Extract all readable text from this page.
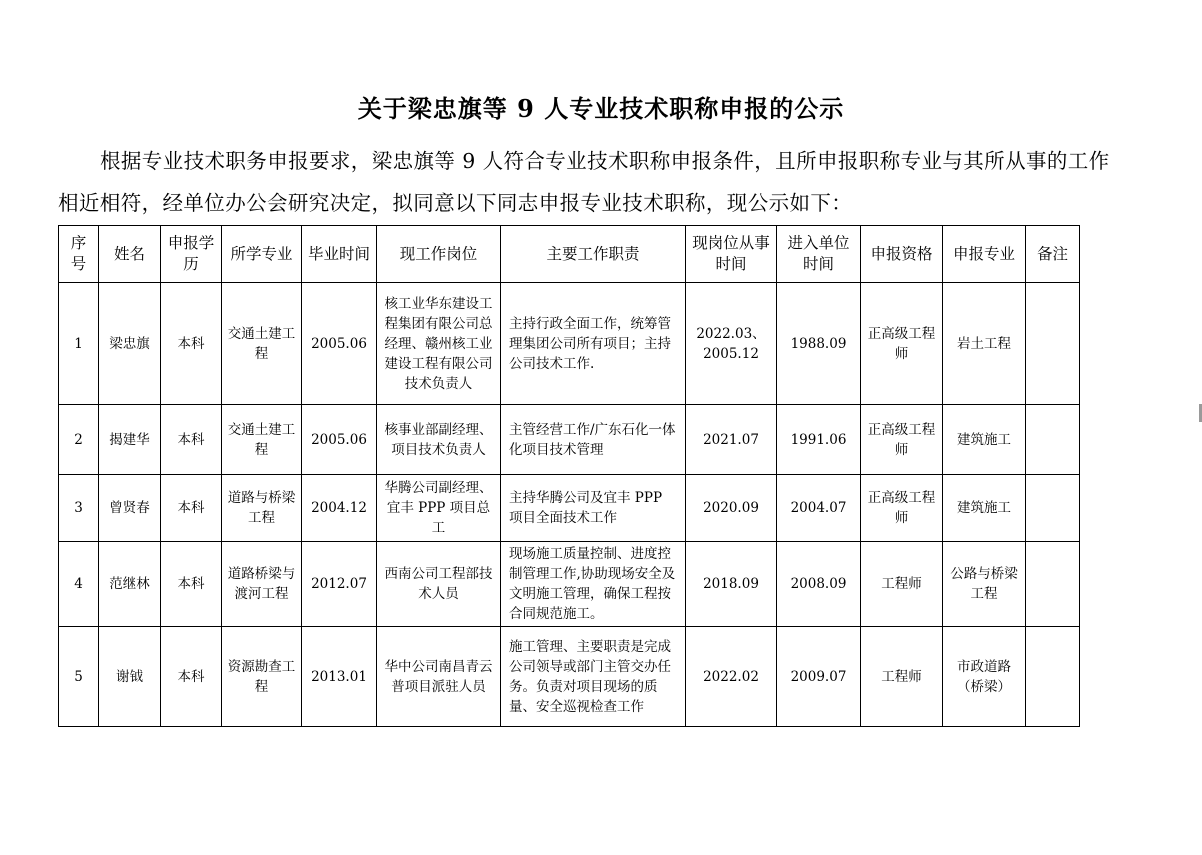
关于梁忠旗等 9 人专业技术职称申报的公示

根据专业技术职务申报要求，梁忠旗等 9 人符合专业技术职称申报条件，且所申报职称专业与其所从事的工作相近相符，经单位办公会研究决定，拟同意以下同志申报专业技术职称，现公示如下：

序号	姓名	申报学历	所学专业	毕业时间	现工作岗位	主要工作职责	现岗位从事时间	进入单位时间	申报资格	申报专业	备注
1	梁忠旗	本科	交通土建工程	2005.06	核工业华东建设工程集团有限公司总经理、赣州核工业建设工程有限公司技术负责人	主持行政全面工作，统筹管理集团公司所有项目；主持公司技术工作.	2022.03、2005.12	1988.09	正高级工程师	岩土工程	
2	揭建华	本科	交通土建工程	2005.06	核事业部副经理、项目技术负责人	主管经营工作/广东石化一体化项目技术管理	2021.07	1991.06	正高级工程师	建筑施工	
3	曾贤春	本科	道路与桥梁工程	2004.12	华腾公司副经理、宜丰 PPP 项目总工	主持华腾公司及宜丰 PPP 项目全面技术工作	2020.09	2004.07	正高级工程师	建筑施工	
4	范继林	本科	道路桥梁与渡河工程	2012.07	西南公司工程部技术人员	现场施工质量控制、进度控制管理工作,协助现场安全及文明施工管理，确保工程按合同规范施工。	2018.09	2008.09	工程师	公路与桥梁工程	
5	谢钺	本科	资源勘查工程	2013.01	华中公司南昌青云普项目派驻人员	施工管理、主要职责是完成公司领导或部门主管交办任务。负责对项目现场的质量、安全巡视检查工作	2022.02	2009.07	工程师	市政道路（桥梁）	
